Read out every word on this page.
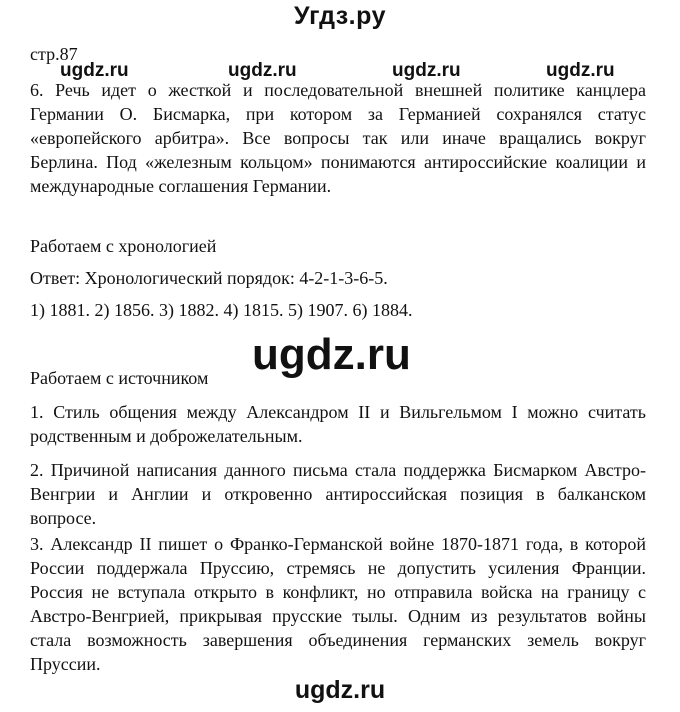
Угдз.ру
стр.87
ugdz.ru	ugdz.ru	ugdz.ru	ugdz.ru
6. Речь идет о жесткой и последовательной внешней политике канцлера Германии О. Бисмарка, при котором за Германией сохранялся статус «европейского арбитра». Все вопросы так или иначе вращались вокруг Берлина. Под «железным кольцом» понимаются антироссийские коалиции и международные соглашения Германии.
Работаем с хронологией
Ответ: Хронологический порядок: 4-2-1-3-6-5.
1) 1881. 2) 1856. 3) 1882. 4) 1815. 5) 1907. 6) 1884.
ugdz.ru
Работаем с источником
1. Стиль общения между Александром II и Вильгельмом I можно считать родственным и доброжелательным.
2. Причиной написания данного письма стала поддержка Бисмарком Австро-Венгрии и Англии и откровенно антироссийская позиция в балканском вопросе.
3. Александр II пишет о Франко-Германской войне 1870-1871 года, в которой России поддержала Пруссию, стремясь не допустить усиления Франции. Россия не вступала открыто в конфликт, но отправила войска на границу с Австро-Венгрией, прикрывая прусские тылы. Одним из результатов войны стала возможность завершения объединения германских земель вокруг Пруссии.
ugdz.ru
